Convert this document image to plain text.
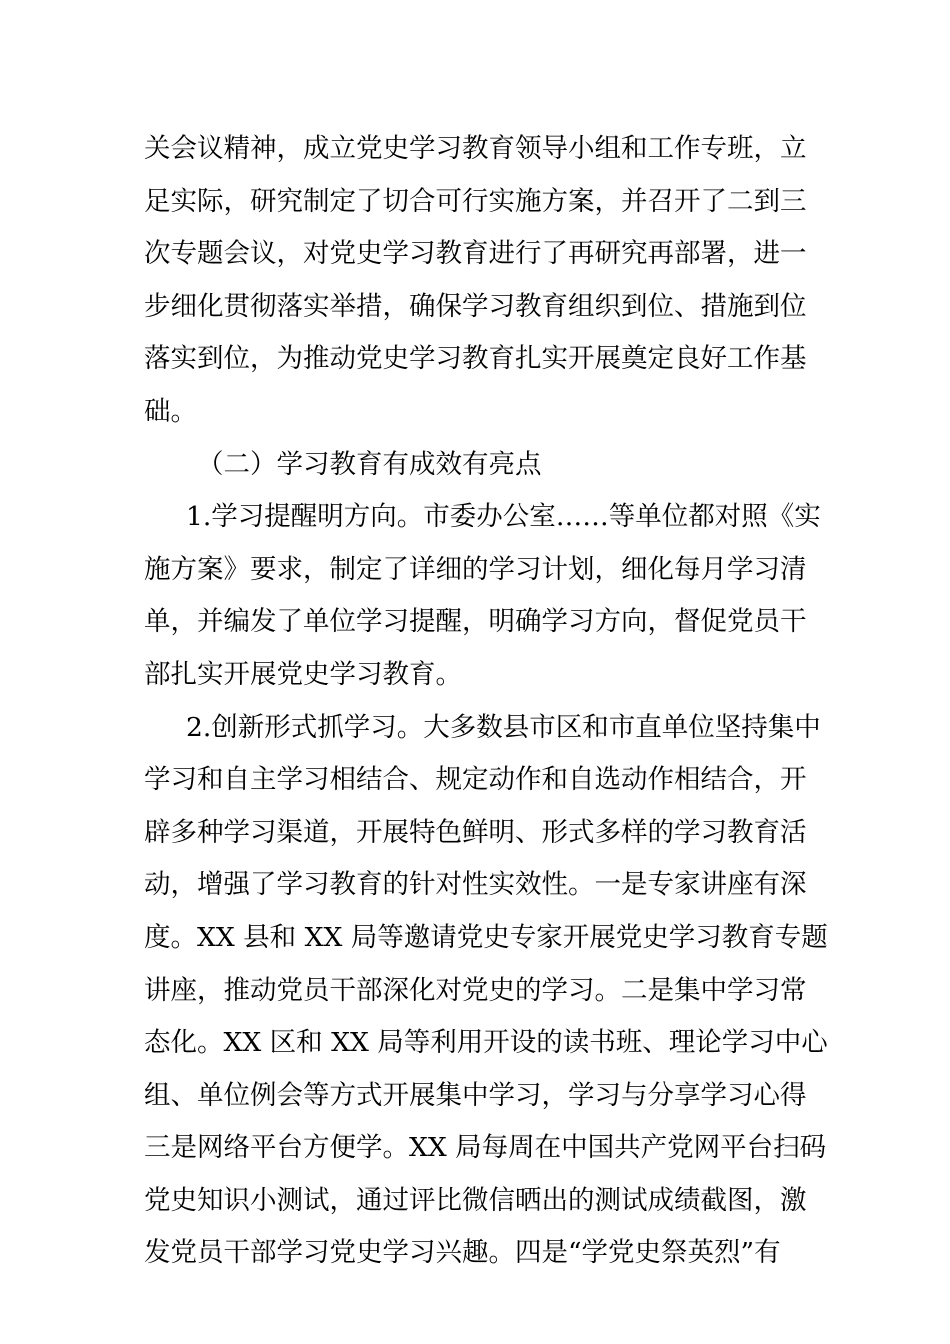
关会议精神，成立党史学习教育领导小组和工作专班，立
足实际，研究制定了切合可行实施方案，并召开了二到三
次专题会议，对党史学习教育进行了再研究再部署，进一
步细化贯彻落实举措，确保学习教育组织到位、措施到位
落实到位，为推动党史学习教育扎实开展奠定良好工作基
础。
（二）学习教育有成效有亮点
1.学习提醒明方向。市委办公室……等单位都对照《实
施方案》要求，制定了详细的学习计划，细化每月学习清
单，并编发了单位学习提醒，明确学习方向，督促党员干
部扎实开展党史学习教育。
2.创新形式抓学习。大多数县市区和市直单位坚持集中
学习和自主学习相结合、规定动作和自选动作相结合，开
辟多种学习渠道，开展特色鲜明、形式多样的学习教育活
动，增强了学习教育的针对性实效性。一是专家讲座有深
度。XX 县和 XX 局等邀请党史专家开展党史学习教育专题
讲座，推动党员干部深化对党史的学习。二是集中学习常
态化。XX 区和 XX 局等利用开设的读书班、理论学习中心
组、单位例会等方式开展集中学习，学习与分享学习心得
三是网络平台方便学。XX 局每周在中国共产党网平台扫码
党史知识小测试，通过评比微信晒出的测试成绩截图，激
发党员干部学习党史学习兴趣。四是“学党史祭英烈”有
